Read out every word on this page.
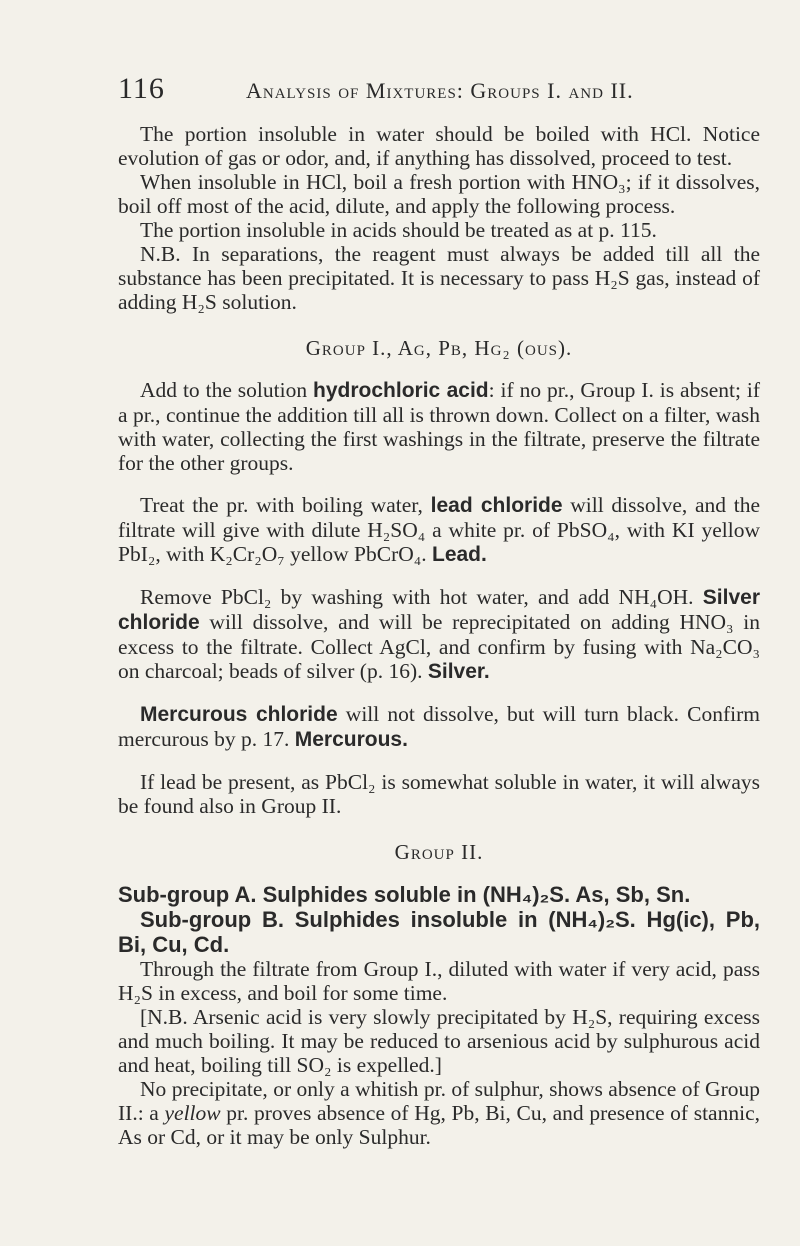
116	Analysis of Mixtures: Groups I. and II.

The portion insoluble in water should be boiled with HCl. Notice evolution of gas or odor, and, if anything has dissolved, proceed to test.

When insoluble in HCl, boil a fresh portion with HNO₃; if it dissolves, boil off most of the acid, dilute, and apply the following process.

The portion insoluble in acids should be treated as at p. 115.

N.B. In separations, the reagent must always be added till all the substance has been precipitated. It is necessary to pass H₂S gas, instead of adding H₂S solution.

Group I., Ag, Pb, Hg₂ (ous).

Add to the solution hydrochloric acid: if no pr., Group I. is absent; if a pr., continue the addition till all is thrown down. Collect on a filter, wash with water, collecting the first washings in the filtrate, preserve the filtrate for the other groups.

Treat the pr. with boiling water, lead chloride will dissolve, and the filtrate will give with dilute H₂SO₄ a white pr. of PbSO₄, with KI yellow PbI₂, with K₂Cr₂O₇ yellow PbCrO₄. Lead.

Remove PbCl₂ by washing with hot water, and add NH₄OH. Silver chloride will dissolve, and will be reprecipitated on adding HNO₃ in excess to the filtrate. Collect AgCl, and confirm by fusing with Na₂CO₃ on charcoal; beads of silver (p. 16). Silver.

Mercurous chloride will not dissolve, but will turn black. Confirm mercurous by p. 17. Mercurous.

If lead be present, as PbCl₂ is somewhat soluble in water, it will always be found also in Group II.

Group II.

Sub-group A. Sulphides soluble in (NH₄)₂S. As, Sb, Sn.

Sub-group B. Sulphides insoluble in (NH₄)₂S. Hg(ic), Pb, Bi, Cu, Cd.

Through the filtrate from Group I., diluted with water if very acid, pass H₂S in excess, and boil for some time.

[N.B. Arsenic acid is very slowly precipitated by H₂S, requiring excess and much boiling. It may be reduced to arsenious acid by sulphurous acid and heat, boiling till SO₂ is expelled.]

No precipitate, or only a whitish pr. of sulphur, shows absence of Group II.: a yellow pr. proves absence of Hg, Pb, Bi, Cu, and presence of stannic, As or Cd, or it may be only Sulphur.
